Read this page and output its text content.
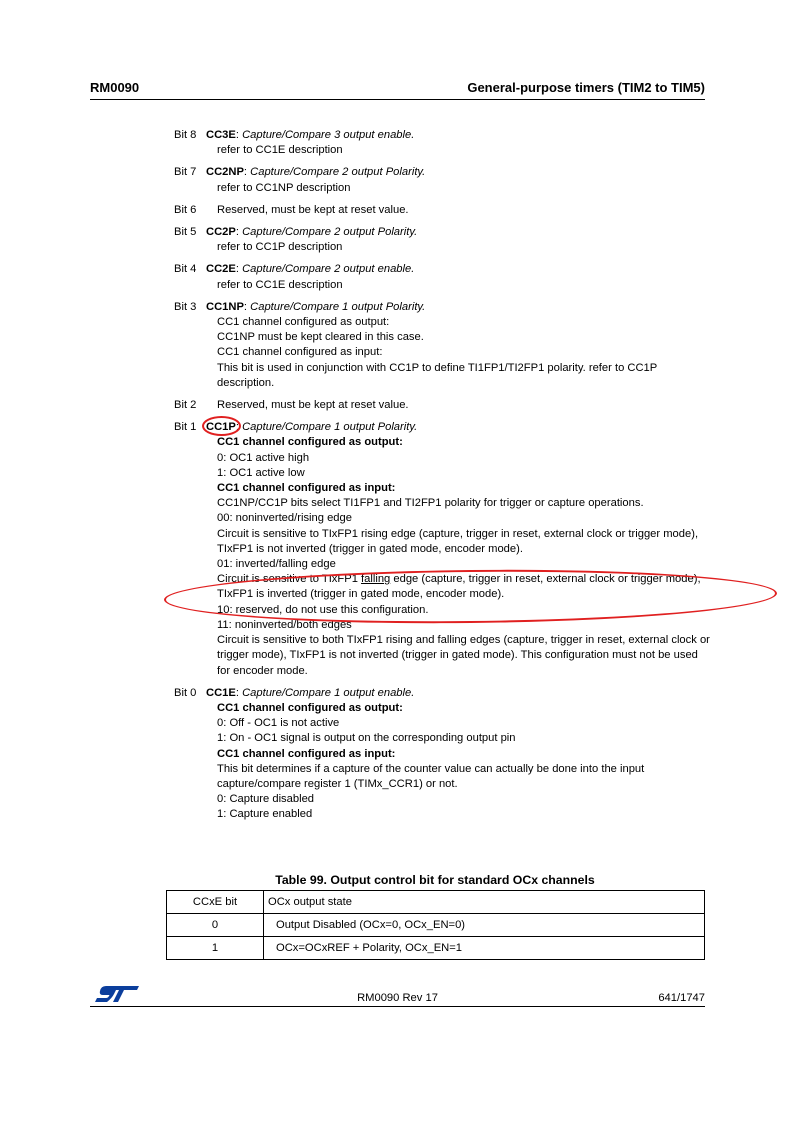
RM0090	General-purpose timers (TIM2 to TIM5)
Bit 8 CC3E : Capture/Compare 3 output enable.
refer to CC1E description
Bit 7 CC2NP : Capture/Compare 2 output Polarity.
refer to CC1NP description
Bit 6	Reserved, must be kept at reset value.
Bit 5 CC2P : Capture/Compare 2 output Polarity.
refer to CC1P description
Bit 4 CC2E : Capture/Compare 2 output enable.
refer to CC1E description
Bit 3 CC1NP : Capture/Compare 1 output Polarity.
CC1 channel configured as output:
CC1NP must be kept cleared in this case.
CC1 channel configured as input:
This bit is used in conjunction with CC1P to define TI1FP1/TI2FP1 polarity. refer to CC1P description.
Bit 2	Reserved, must be kept at reset value.
Bit 1 CC1P : Capture/Compare 1 output Polarity.
CC1 channel configured as output:
0: OC1 active high
1: OC1 active low
CC1 channel configured as input:
CC1NP/CC1P bits select TI1FP1 and TI2FP1 polarity for trigger or capture operations.
00: noninverted/rising edge
Circuit is sensitive to TIxFP1 rising edge (capture, trigger in reset, external clock or trigger mode), TIxFP1 is not inverted (trigger in gated mode, encoder mode).
01: inverted/falling edge
Circuit is sensitive to TIxFP1 falling edge (capture, trigger in reset, external clock or trigger mode), TIxFP1 is inverted (trigger in gated mode, encoder mode).
10: reserved, do not use this configuration.
11: noninverted/both edges
Circuit is sensitive to both TIxFP1 rising and falling edges (capture, trigger in reset, external clock or trigger mode), TIxFP1 is not inverted (trigger in gated mode). This configuration must not be used for encoder mode.
Bit 0 CC1E : Capture/Compare 1 output enable.
CC1 channel configured as output:
0: Off - OC1 is not active
1: On - OC1 signal is output on the corresponding output pin
CC1 channel configured as input:
This bit determines if a capture of the counter value can actually be done into the input capture/compare register 1 (TIMx_CCR1) or not.
0: Capture disabled
1: Capture enabled
Table 99. Output control bit for standard OCx channels
CCxE bit	OCx output state
0	Output Disabled (OCx=0, OCx_EN=0)
1	OCx=OCxREF + Polarity, OCx_EN=1
RM0090 Rev 17	641/1747
